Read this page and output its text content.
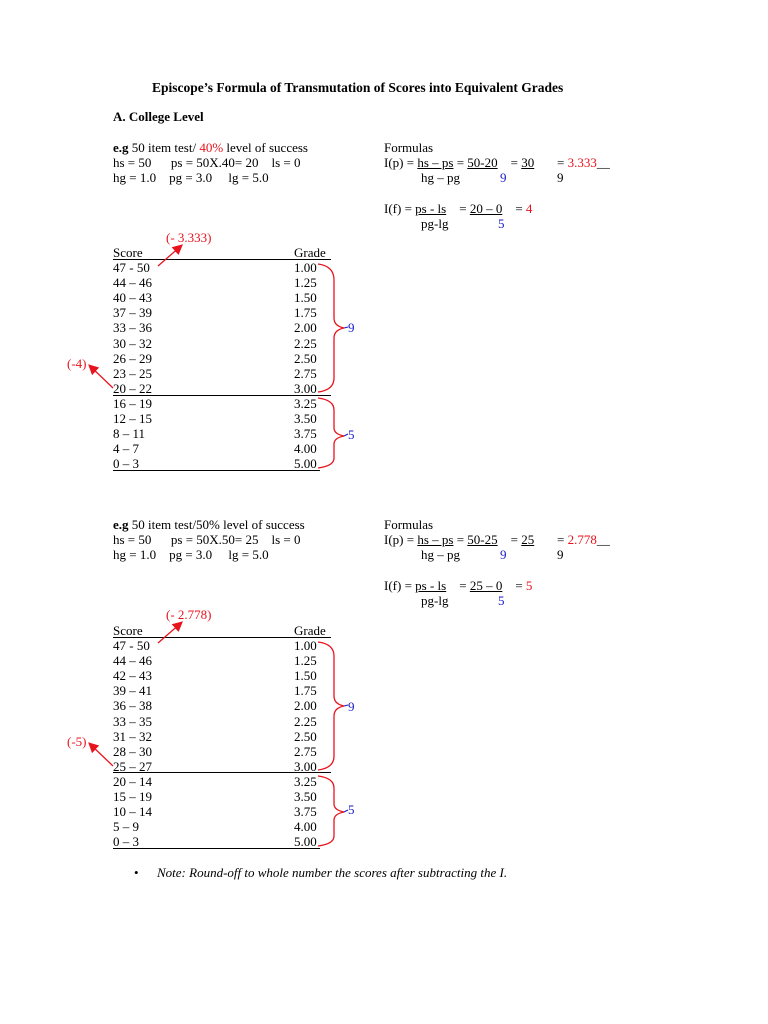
Episcope’s Formula of Transmutation of Scores into Equivalent Grades
A. College Level
e.g 50 item test/ 40% level of success
hs = 50      ps = 50X.40= 20    ls = 0
hg = 1.0    pg = 3.0     lg = 5.0
Formulas
I(p) = hs – ps = 50-20    = 30       = 3.333__
hg – pg	9	9
I(f) = ps - ls    = 20 – 0    = 4
pg-lg	5
(- 3.333)
(-4)
Score	Grade
47 - 50	1.00
44 – 46	1.25
40 – 43	1.50
37 – 39	1.75
33 – 36	2.00
30 – 32	2.25
26 – 29	2.50
23 – 25	2.75
20 – 22	3.00
16 – 19	3.25
12 – 15	3.50
8 – 11	3.75
4 – 7	4.00
0 – 3	5.00
9
5
e.g 50 item test/50% level of success
hs = 50      ps = 50X.50= 25    ls = 0
hg = 1.0    pg = 3.0     lg = 5.0
Formulas
I(p) = hs – ps = 50-25    = 25       = 2.778__
hg – pg	9	9
I(f) = ps - ls    = 25 – 0    = 5
pg-lg	5
(- 2.778)
(-5)
Score	Grade
47 - 50	1.00
44 – 46	1.25
42 – 43	1.50
39 – 41	1.75
36 – 38	2.00
33 – 35	2.25
31 – 32	2.50
28 – 30	2.75
25 – 27	3.00
20 – 14	3.25
15 – 19	3.50
10 – 14	3.75
5 – 9	4.00
0 – 3	5.00
9
5
• Note: Round-off to whole number the scores after subtracting the I.
